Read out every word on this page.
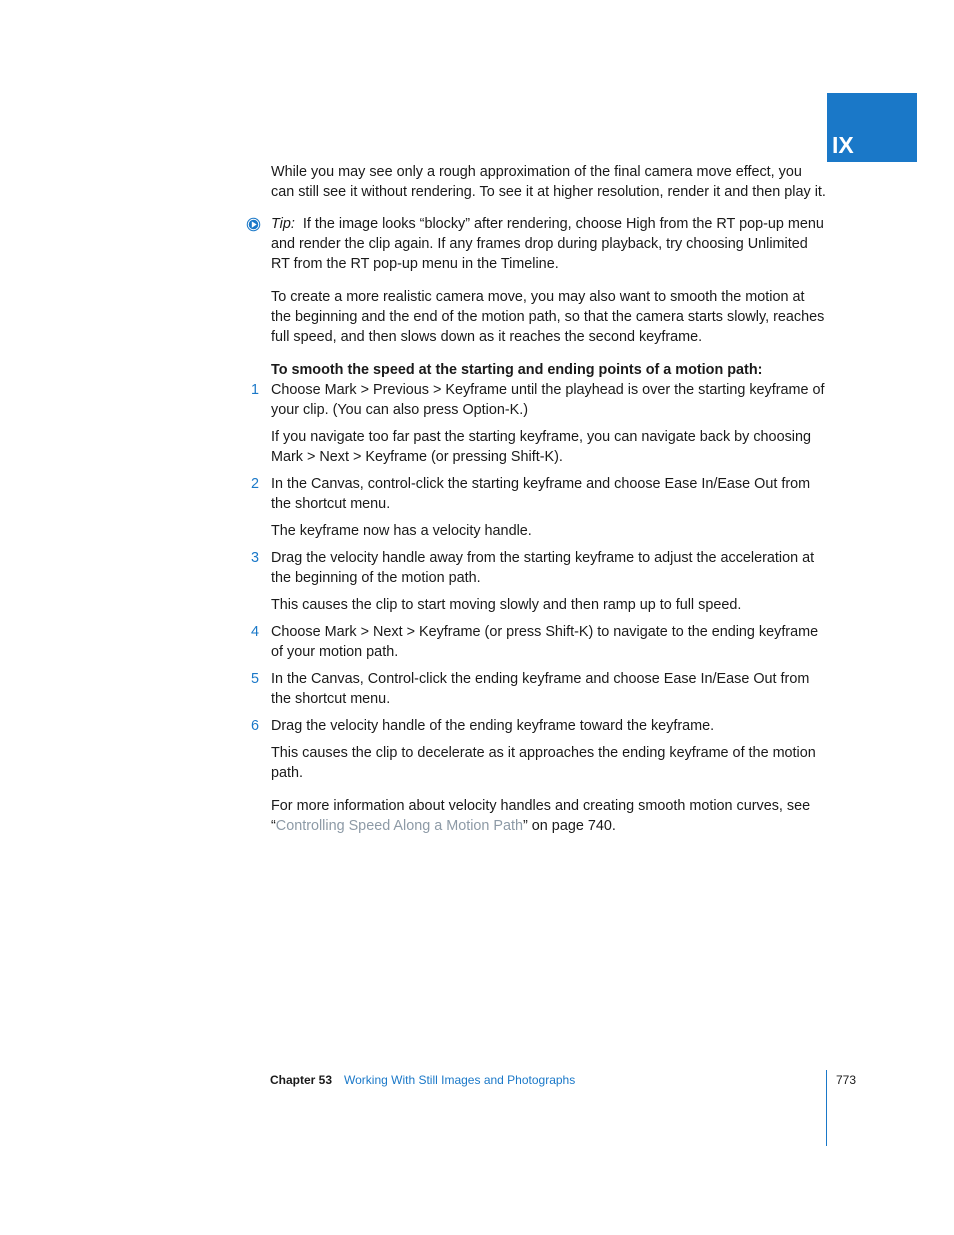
IX

While you may see only a rough approximation of the final camera move effect, you can still see it without rendering. To see it at higher resolution, render it and then play it.

Tip: If the image looks “blocky” after rendering, choose High from the RT pop-up menu and render the clip again. If any frames drop during playback, try choosing Unlimited RT from the RT pop-up menu in the Timeline.

To create a more realistic camera move, you may also want to smooth the motion at the beginning and the end of the motion path, so that the camera starts slowly, reaches full speed, and then slows down as it reaches the second keyframe.

To smooth the speed at the starting and ending points of a motion path:

1 Choose Mark > Previous > Keyframe until the playhead is over the starting keyframe of your clip. (You can also press Option-K.)

If you navigate too far past the starting keyframe, you can navigate back by choosing Mark > Next > Keyframe (or pressing Shift-K).

2 In the Canvas, control-click the starting keyframe and choose Ease In/Ease Out from the shortcut menu.

The keyframe now has a velocity handle.

3 Drag the velocity handle away from the starting keyframe to adjust the acceleration at the beginning of the motion path.

This causes the clip to start moving slowly and then ramp up to full speed.

4 Choose Mark > Next > Keyframe (or press Shift-K) to navigate to the ending keyframe of your motion path.
5 In the Canvas, Control-click the ending keyframe and choose Ease In/Ease Out from the shortcut menu.
6 Drag the velocity handle of the ending keyframe toward the keyframe.

This causes the clip to decelerate as it approaches the ending keyframe of the motion path.

For more information about velocity handles and creating smooth motion curves, see “Controlling Speed Along a Motion Path” on page 740.

Chapter 53 Working With Still Images and Photographs	773
